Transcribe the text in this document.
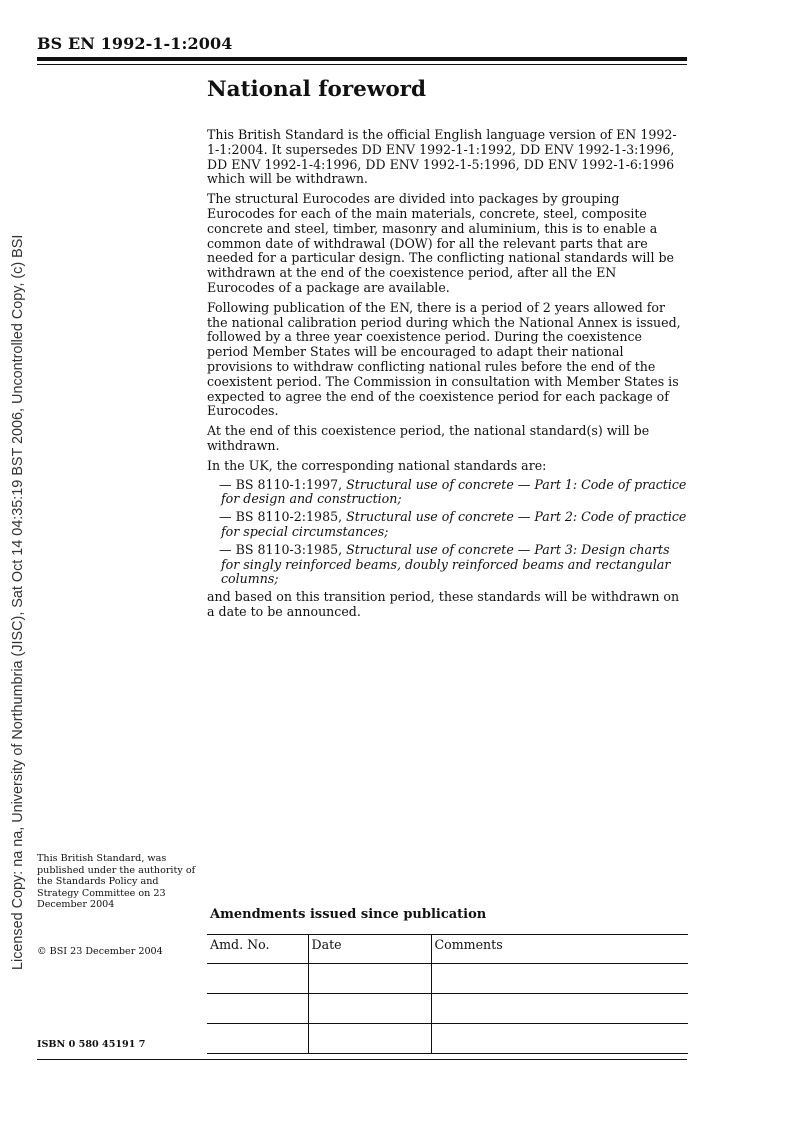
BS EN 1992-1-1:2004
Licensed Copy: na na, University of Northumbria (JISC), Sat Oct 14 04:35:19 BST 2006, Uncontrolled Copy, (c) BSI
National foreword

This British Standard is the official English language version of EN 1992-1-1:2004. It supersedes DD ENV 1992-1-1:1992, DD ENV 1992-1-3:1996, DD ENV 1992-1-4:1996, DD ENV 1992-1-5:1996, DD ENV 1992-1-6:1996 which will be withdrawn.

The structural Eurocodes are divided into packages by grouping Eurocodes for each of the main materials, concrete, steel, composite concrete and steel, timber, masonry and aluminium, this is to enable a common date of withdrawal (DOW) for all the relevant parts that are needed for a particular design. The conflicting national standards will be withdrawn at the end of the coexistence period, after all the EN Eurocodes of a package are available.

Following publication of the EN, there is a period of 2 years allowed for the national calibration period during which the National Annex is issued, followed by a three year coexistence period. During the coexistence period Member States will be encouraged to adapt their national provisions to withdraw conflicting national rules before the end of the coexistent period. The Commission in consultation with Member States is expected to agree the end of the coexistence period for each package of Eurocodes.

At the end of this coexistence period, the national standard(s) will be withdrawn.

In the UK, the corresponding national standards are:

— BS 8110-1:1997, Structural use of concrete — Part 1: Code of practice for design and construction;
— BS 8110-2:1985, Structural use of concrete — Part 2: Code of practice for special circumstances;
— BS 8110-3:1985, Structural use of concrete — Part 3: Design charts for singly reinforced beams, doubly reinforced beams and rectangular columns;

and based on this transition period, these standards will be withdrawn on a date to be announced.

This British Standard, was published under the authority of the Standards Policy and Strategy Committee on 23 December 2004
© BSI 23 December 2004
ISBN 0 580 45191 7
Amendments issued since publication
Amd. No.	Date	Comments
